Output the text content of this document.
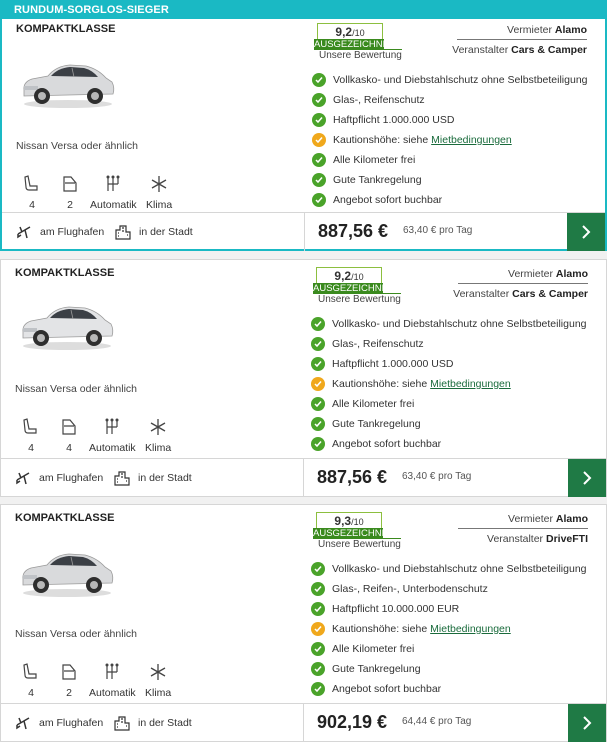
RUNDUM-SORGLOS-SIEGER
KOMPAKTKLASSE
Nissan Versa oder ähnlich
4	2	Automatik Klima
9,2/10
AUSGEZEICHNET
Unsere Bewertung
Vermieter Alamo
Veranstalter Cars & Camper
Vollkasko- und Diebstahlschutz ohne Selbstbeteiligung
Glas-, Reifenschutz
Haftpflicht 1.000.000 USD
Kautionshöhe: siehe Mietbedingungen
Alle Kilometer frei
Gute Tankregelung
Angebot sofort buchbar
am Flughafen	in der Stadt	887,56 € 63,40 € pro Tag
KOMPAKTKLASSE
Nissan Versa oder ähnlich
4	4	Automatik Klima
9,2/10
AUSGEZEICHNET
Unsere Bewertung
Vermieter Alamo
Veranstalter Cars & Camper
Vollkasko- und Diebstahlschutz ohne Selbstbeteiligung
Glas-, Reifenschutz
Haftpflicht 1.000.000 USD
Kautionshöhe: siehe Mietbedingungen
Alle Kilometer frei
Gute Tankregelung
Angebot sofort buchbar
am Flughafen	in der Stadt	887,56 € 63,40 € pro Tag
KOMPAKTKLASSE
Nissan Versa oder ähnlich
4	2	Automatik Klima
9,3/10
AUSGEZEICHNET
Unsere Bewertung
Vermieter Alamo
Veranstalter DriveFTI
Vollkasko- und Diebstahlschutz ohne Selbstbeteiligung
Glas-, Reifen-, Unterbodenschutz
Haftpflicht 10.000.000 EUR
Kautionshöhe: siehe Mietbedingungen
Alle Kilometer frei
Gute Tankregelung
Angebot sofort buchbar
am Flughafen	in der Stadt	902,19 € 64,44 € pro Tag
